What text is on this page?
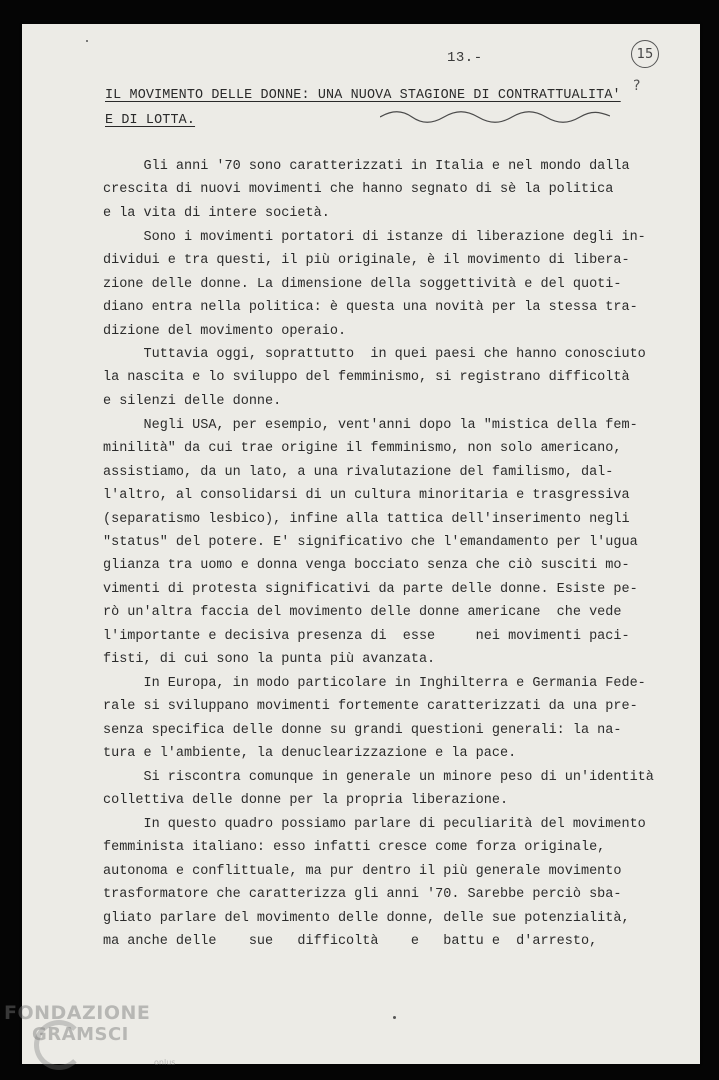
13.-	15
?
IL MOVIMENTO DELLE DONNE: UNA NUOVA STAGIONE DI CONTRATTUALITA'
E DI LOTTA.
Gli anni '70 sono caratterizzati in Italia e nel mondo dalla
crescita di nuovi movimenti che hanno segnato di sè la politica
e la vita di intere società.
Sono i movimenti portatori di istanze di liberazione degli in-
dividui e tra questi, il più originale, è il movimento di libera-
zione delle donne. La dimensione della soggettività e del quoti-
diano entra nella politica: è questa una novità per la stessa tra-
dizione del movimento operaio.
Tuttavia oggi, soprattutto  in quei paesi che hanno conosciuto
la nascita e lo sviluppo del femminismo, si registrano difficoltà
e silenzi delle donne.
Negli USA, per esempio, vent'anni dopo la "mistica della fem-
minilità" da cui trae origine il femminismo, non solo americano,
assistiamo, da un lato, a una rivalutazione del familismo, dal-
l'altro, al consolidarsi di un cultura minoritaria e trasgressiva
(separatismo lesbico), infine alla tattica dell'inserimento negli
"status" del potere. E' significativo che l'emandamento per l'ugua
glianza tra uomo e donna venga bocciato senza che ciò susciti mo-
vimenti di protesta significativi da parte delle donne. Esiste pe-
rò un'altra faccia del movimento delle donne americane  che vede
l'importante e decisiva presenza di  esse     nei movimenti paci-
fisti, di cui sono la punta più avanzata.
In Europa, in modo particolare in Inghilterra e Germania Fede-
rale si sviluppano movimenti fortemente caratterizzati da una pre-
senza specifica delle donne su grandi questioni generali: la na-
tura e l'ambiente, la denuclearizzazione e la pace.
Si riscontra comunque in generale un minore peso di un'identità
collettiva delle donne per la propria liberazione.
In questo quadro possiamo parlare di peculiarità del movimento
femminista italiano: esso infatti cresce come forza originale,
autonoma e conflittuale, ma pur dentro il più generale movimento
trasformatore che caratterizza gli anni '70. Sarebbe perciò sba-
gliato parlare del movimento delle donne, delle sue potenzialità,
ma anche delle    sue   difficoltà    e   battu e  d'arresto,
FONDAZIONE
GRAMSCI
onlus
